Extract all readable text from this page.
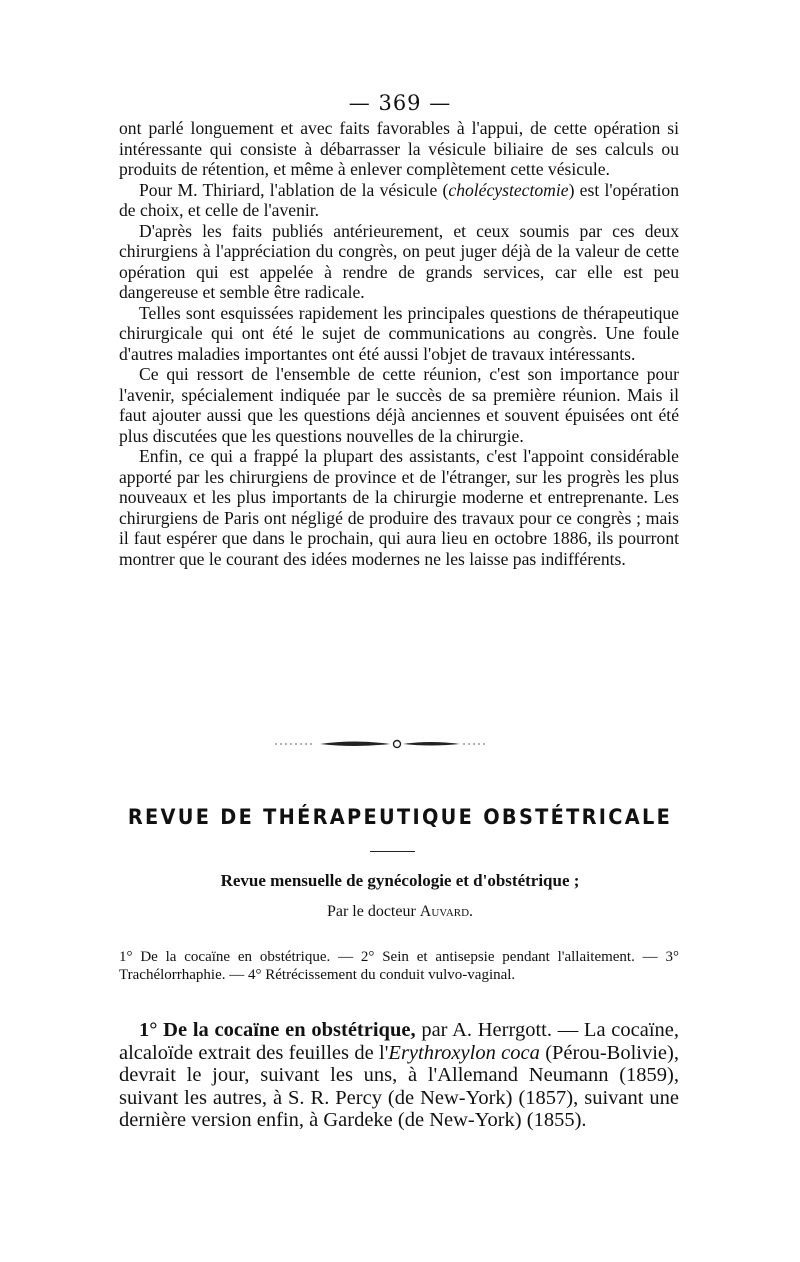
— 369 —

ont parlé longuement et avec faits favorables à l'appui, de cette opération si intéressante qui consiste à débarrasser la vésicule biliaire de ses calculs ou produits de rétention, et même à enlever complètement cette vésicule.

Pour M. Thiriard, l'ablation de la vésicule (cholécystectomie) est l'opération de choix, et celle de l'avenir.

D'après les faits publiés antérieurement, et ceux soumis par ces deux chirurgiens à l'appréciation du congrès, on peut juger déjà de la valeur de cette opération qui est appelée à rendre de grands services, car elle est peu dangereuse et semble être radicale.

Telles sont esquissées rapidement les principales questions de thérapeutique chirurgicale qui ont été le sujet de communications au congrès. Une foule d'autres maladies importantes ont été aussi l'objet de travaux intéressants.

Ce qui ressort de l'ensemble de cette réunion, c'est son importance pour l'avenir, spécialement indiquée par le succès de sa première réunion. Mais il faut ajouter aussi que les questions déjà anciennes et souvent épuisées ont été plus discutées que les questions nouvelles de la chirurgie.

Enfin, ce qui a frappé la plupart des assistants, c'est l'appoint considérable apporté par les chirurgiens de province et de l'étranger, sur les progrès les plus nouveaux et les plus importants de la chirurgie moderne et entreprenante. Les chirurgiens de Paris ont négligé de produire des travaux pour ce congrès ; mais il faut espérer que dans le prochain, qui aura lieu en octobre 1886, ils pourront montrer que le courant des idées modernes ne les laisse pas indifférents.

REVUE DE THÉRAPEUTIQUE OBSTÉTRICALE
Revue mensuelle de gynécologie et d'obstétrique ;
Par le docteur Auvard.

1° De la cocaïne en obstétrique. — 2° Sein et antisepsie pendant l'allaitement. — 3° Trachélorrhaphie. — 4° Rétrécissement du conduit vulvo-vaginal.

1° De la cocaïne en obstétrique, par A. Herrgott. — La cocaïne, alcaloïde extrait des feuilles de l'Erythroxylon coca (Pérou-Bolivie), devrait le jour, suivant les uns, à l'Allemand Neumann (1859), suivant les autres, à S. R. Percy (de New-York) (1857), suivant une dernière version enfin, à Gardeke (de New-York) (1855).
